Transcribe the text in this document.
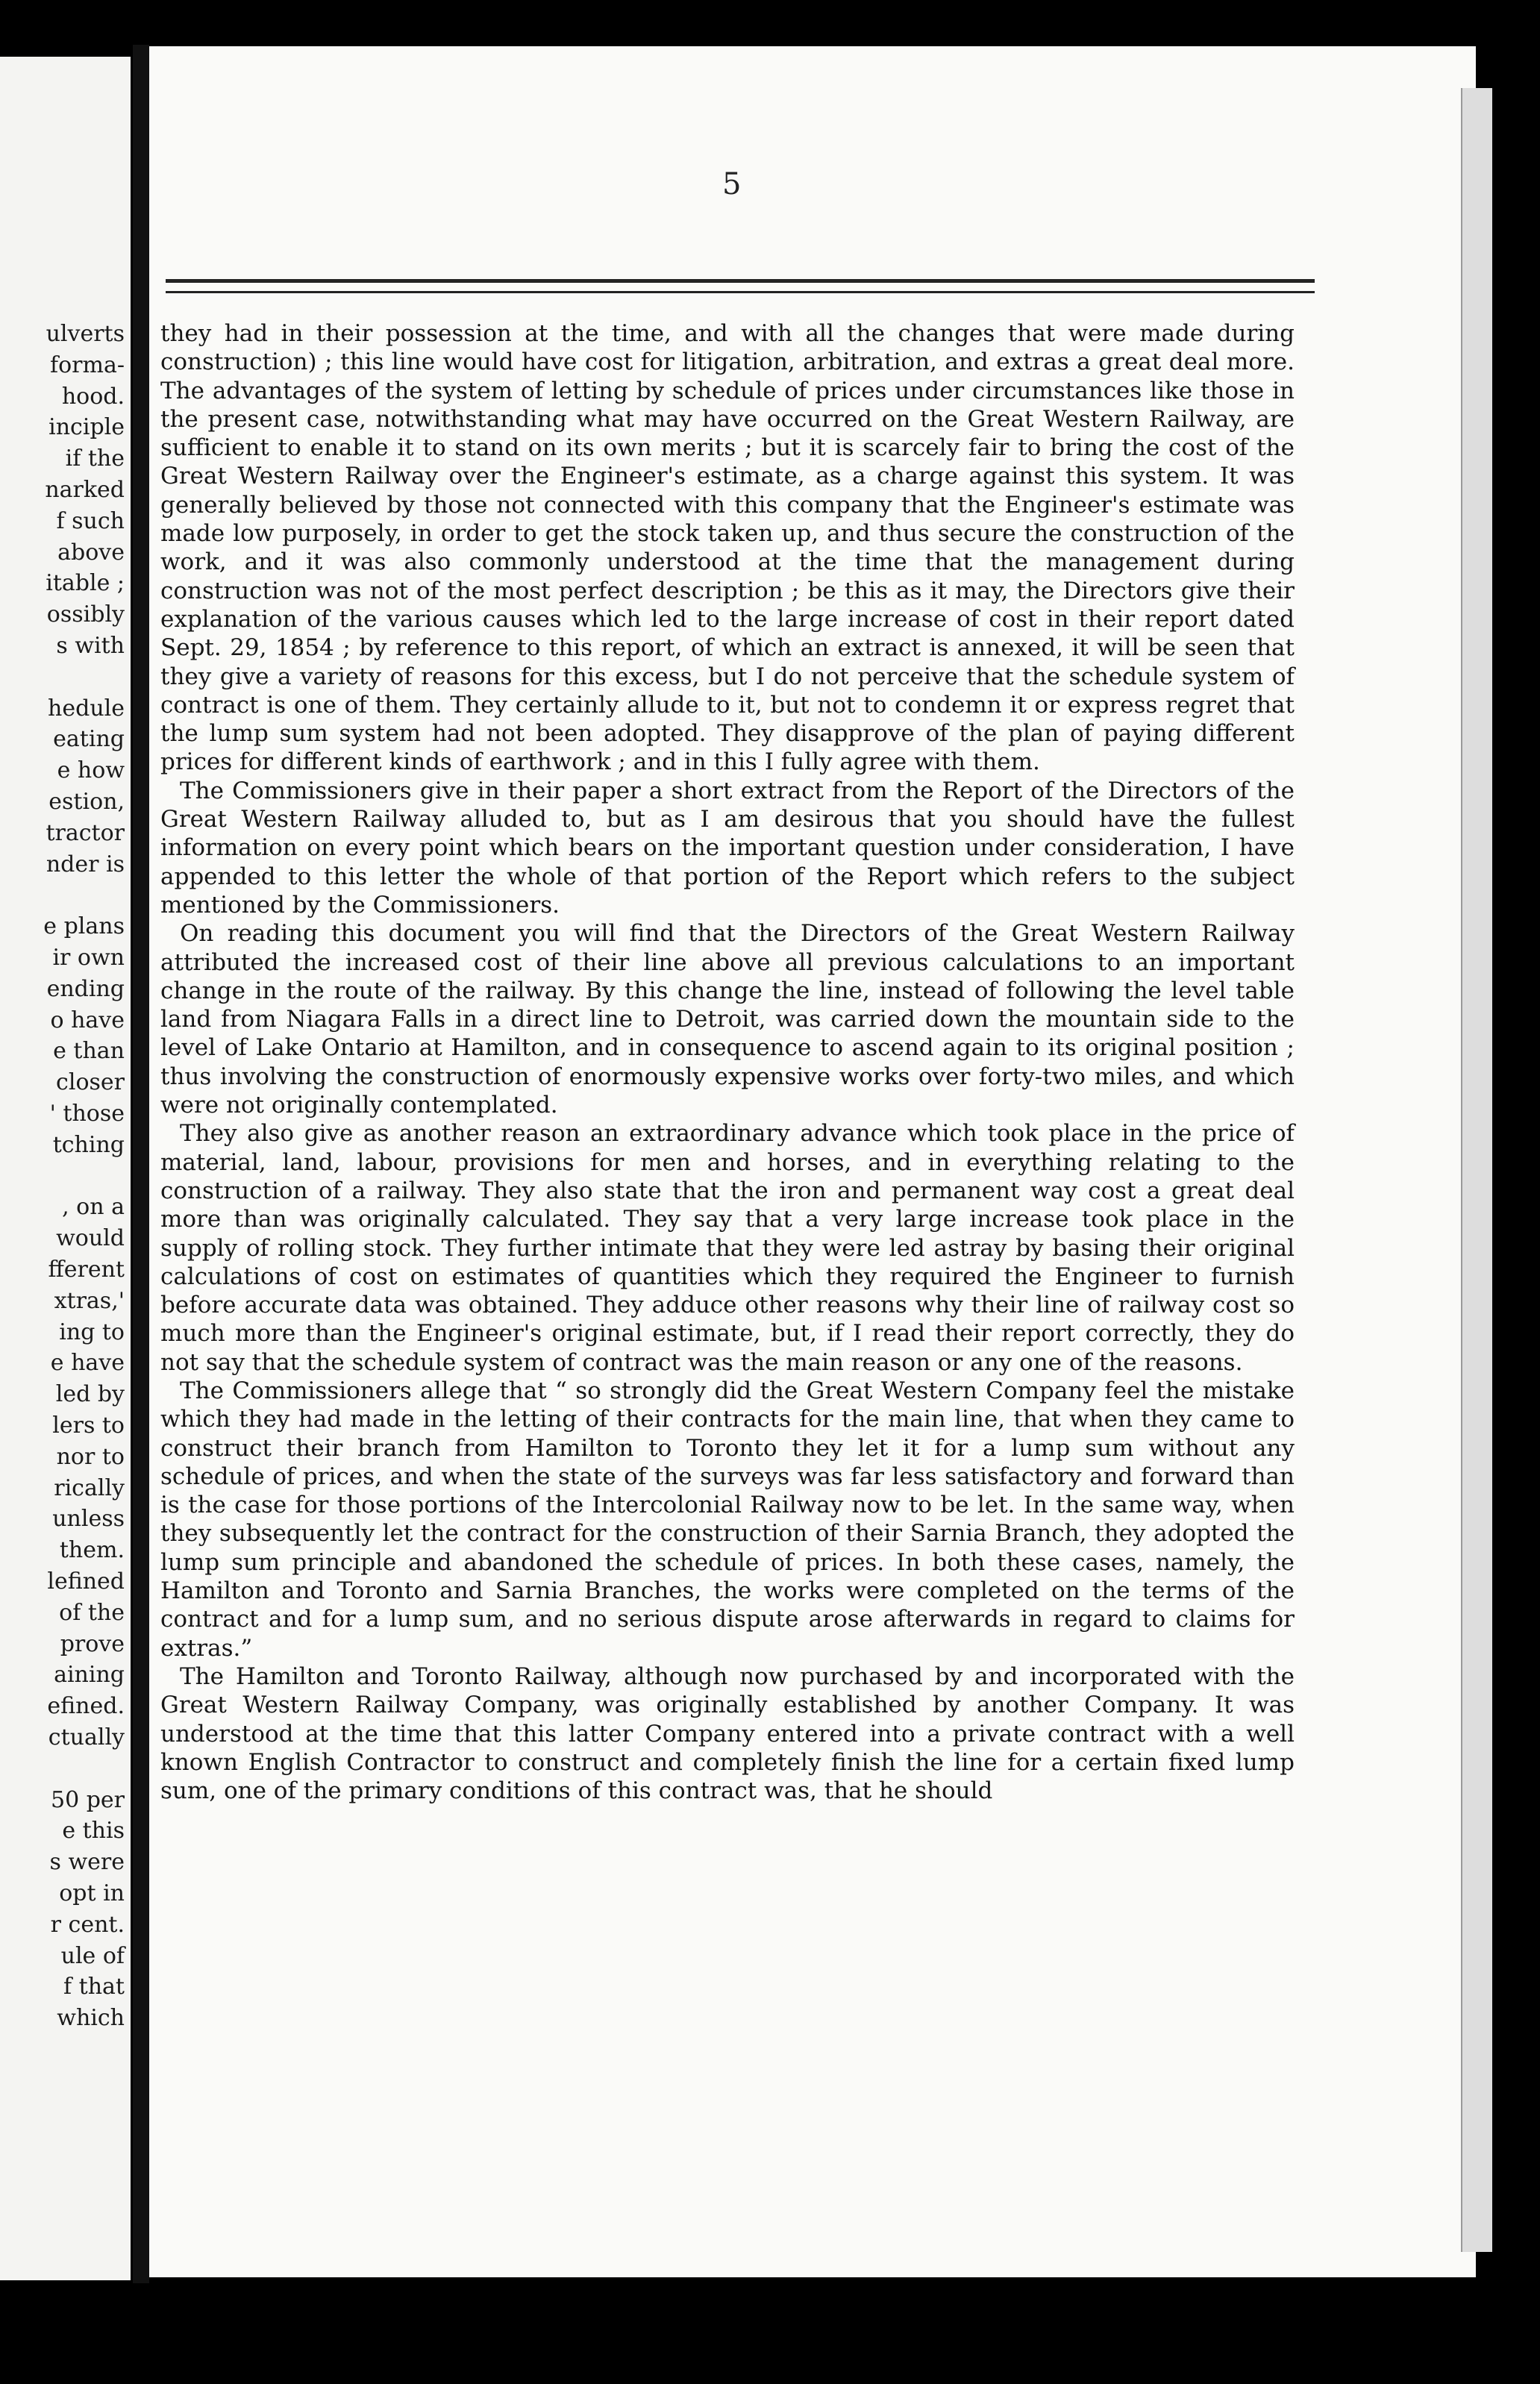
ulverts
forma-
hood.
inciple
if the
narked
f such
above
itable ;
ossibly
s with
hedule
eating
e how
estion,
tractor
nder is
e plans
ir own
ending
o have
e than
closer
' those
tching
, on a
would
fferent
xtras,'
ing to
e have
led by
lers to
nor to
rically
unless
them.
lefined
of the
prove
aining
efined.
ctually
50 per
e this
s were
opt in
r cent.
ule of
f that
which
5

they had in their possession at the time, and with all the changes that were made during construction) ; this line would have cost for litigation, arbitration, and extras a great deal more. The advantages of the system of letting by schedule of prices under circumstances like those in the present case, notwithstanding what may have occurred on the Great Western Railway, are sufficient to enable it to stand on its own merits ; but it is scarcely fair to bring the cost of the Great Western Railway over the Engineer's estimate, as a charge against this system. It was generally believed by those not connected with this company that the Engineer's estimate was made low purposely, in order to get the stock taken up, and thus secure the construction of the work, and it was also commonly understood at the time that the management during construction was not of the most perfect description ; be this as it may, the Directors give their explanation of the various causes which led to the large increase of cost in their report dated Sept. 29, 1854 ; by reference to this report, of which an extract is annexed, it will be seen that they give a variety of reasons for this excess, but I do not perceive that the schedule system of contract is one of them. They certainly allude to it, but not to condemn it or express regret that the lump sum system had not been adopted. They disapprove of the plan of paying different prices for different kinds of earthwork ; and in this I fully agree with them.

The Commissioners give in their paper a short extract from the Report of the Directors of the Great Western Railway alluded to, but as I am desirous that you should have the fullest information on every point which bears on the important question under consideration, I have appended to this letter the whole of that portion of the Report which refers to the subject mentioned by the Commissioners.

On reading this document you will find that the Directors of the Great Western Railway attributed the increased cost of their line above all previous calculations to an important change in the route of the railway. By this change the line, instead of following the level table land from Niagara Falls in a direct line to Detroit, was carried down the mountain side to the level of Lake Ontario at Hamilton, and in consequence to ascend again to its original position ; thus involving the construction of enormously expensive works over forty-two miles, and which were not originally contemplated.

They also give as another reason an extraordinary advance which took place in the price of material, land, labour, provisions for men and horses, and in everything relating to the construction of a railway. They also state that the iron and permanent way cost a great deal more than was originally calculated. They say that a very large increase took place in the supply of rolling stock. They further intimate that they were led astray by basing their original calculations of cost on estimates of quantities which they required the Engineer to furnish before accurate data was obtained. They adduce other reasons why their line of railway cost so much more than the Engineer's original estimate, but, if I read their report correctly, they do not say that the schedule system of contract was the main reason or any one of the reasons.

The Commissioners allege that “ so strongly did the Great Western Company feel the mistake which they had made in the letting of their contracts for the main line, that when they came to construct their branch from Hamilton to Toronto they let it for a lump sum without any schedule of prices, and when the state of the surveys was far less satisfactory and forward than is the case for those portions of the Intercolonial Railway now to be let. In the same way, when they subsequently let the contract for the construction of their Sarnia Branch, they adopted the lump sum principle and abandoned the schedule of prices. In both these cases, namely, the Hamilton and Toronto and Sarnia Branches, the works were completed on the terms of the contract and for a lump sum, and no serious dispute arose afterwards in regard to claims for extras.”

The Hamilton and Toronto Railway, although now purchased by and incorporated with the Great Western Railway Company, was originally established by another Company. It was understood at the time that this latter Company entered into a private contract with a well known English Contractor to construct and completely finish the line for a certain fixed lump sum, one of the primary conditions of this contract was, that he should
